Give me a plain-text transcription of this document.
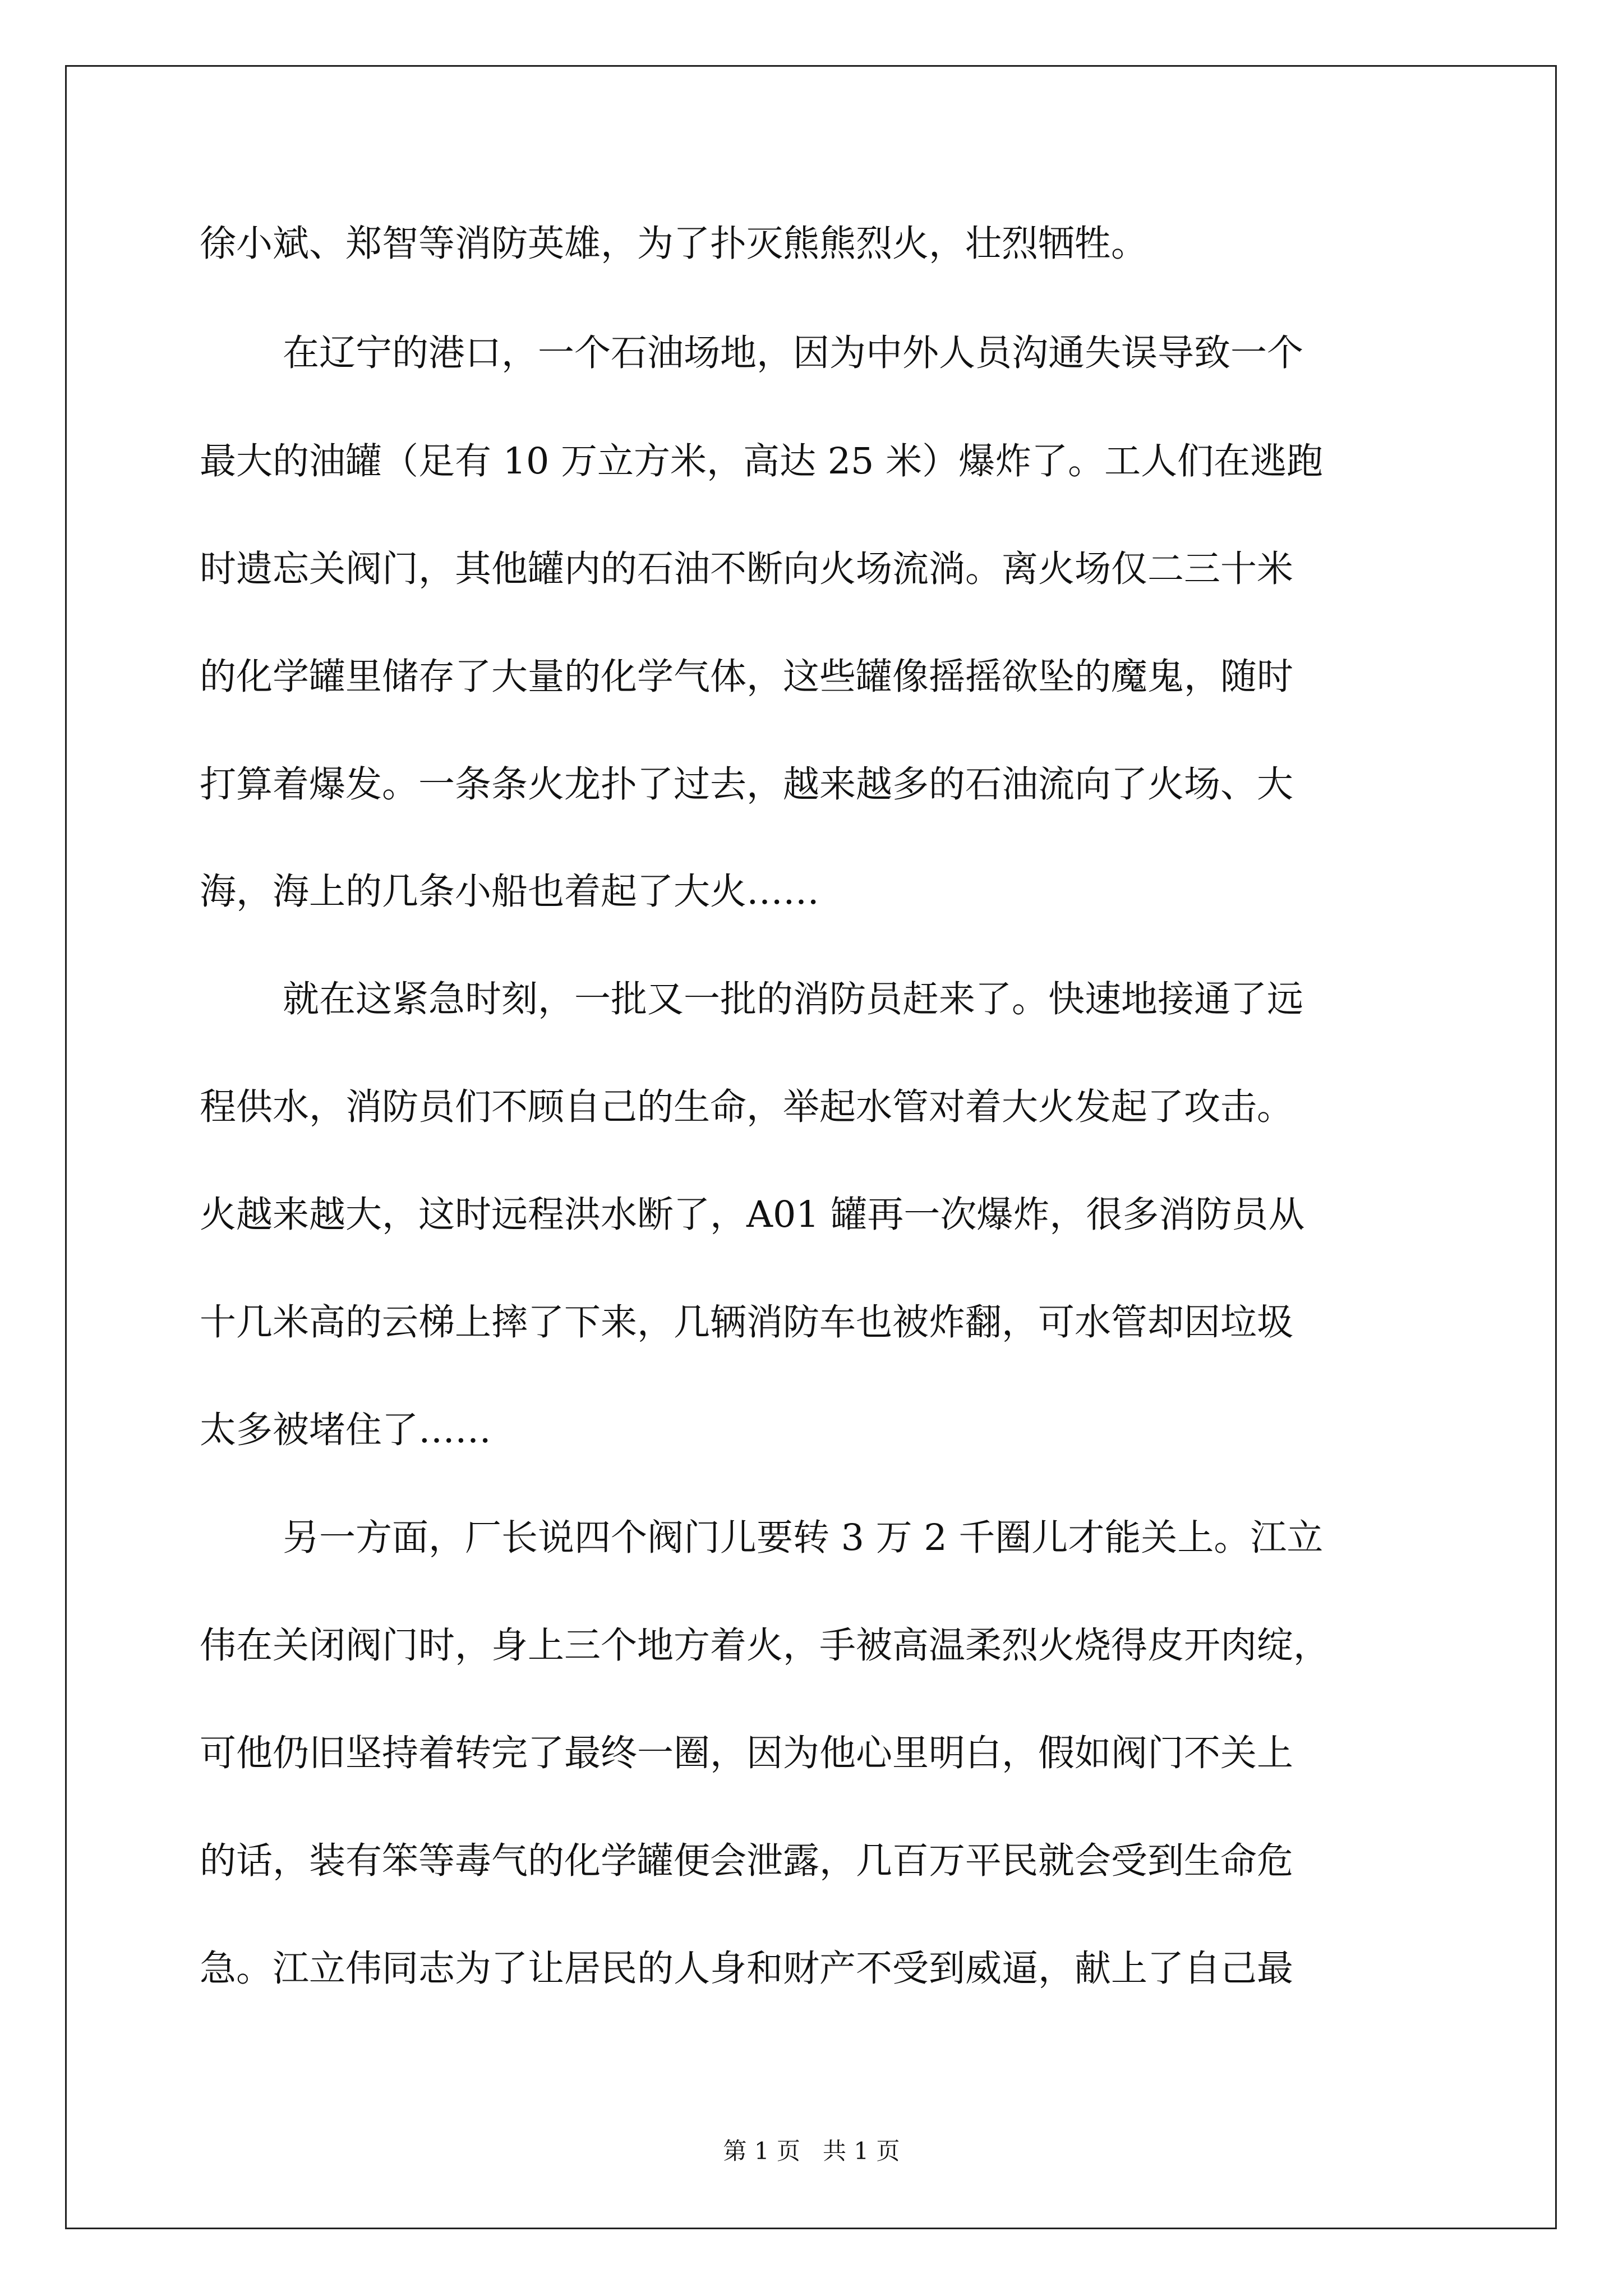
徐小斌、郑智等消防英雄，为了扑灭熊熊烈火，壮烈牺牲。
在辽宁的港口，一个石油场地，因为中外人员沟通失误导致一个
最大的油罐（足有 10 万立方米，高达 25 米）爆炸了。工人们在逃跑
时遗忘关阀门，其他罐内的石油不断向火场流淌。离火场仅二三十米
的化学罐里储存了大量的化学气体，这些罐像摇摇欲坠的魔鬼，随时
打算着爆发。一条条火龙扑了过去，越来越多的石油流向了火场、大
海，海上的几条小船也着起了大火……
就在这紧急时刻，一批又一批的消防员赶来了。快速地接通了远
程供水，消防员们不顾自己的生命，举起水管对着大火发起了攻击。
火越来越大，这时远程洪水断了，A01 罐再一次爆炸，很多消防员从
十几米高的云梯上摔了下来，几辆消防车也被炸翻，可水管却因垃圾
太多被堵住了……
另一方面，厂长说四个阀门儿要转 3 万 2 千圈儿才能关上。江立
伟在关闭阀门时，身上三个地方着火，手被高温柔烈火烧得皮开肉绽，
可他仍旧坚持着转完了最终一圈，因为他心里明白，假如阀门不关上
的话，装有笨等毒气的化学罐便会泄露，几百万平民就会受到生命危
急。江立伟同志为了让居民的人身和财产不受到威逼，献上了自己最
第 1 页   共 1 页
